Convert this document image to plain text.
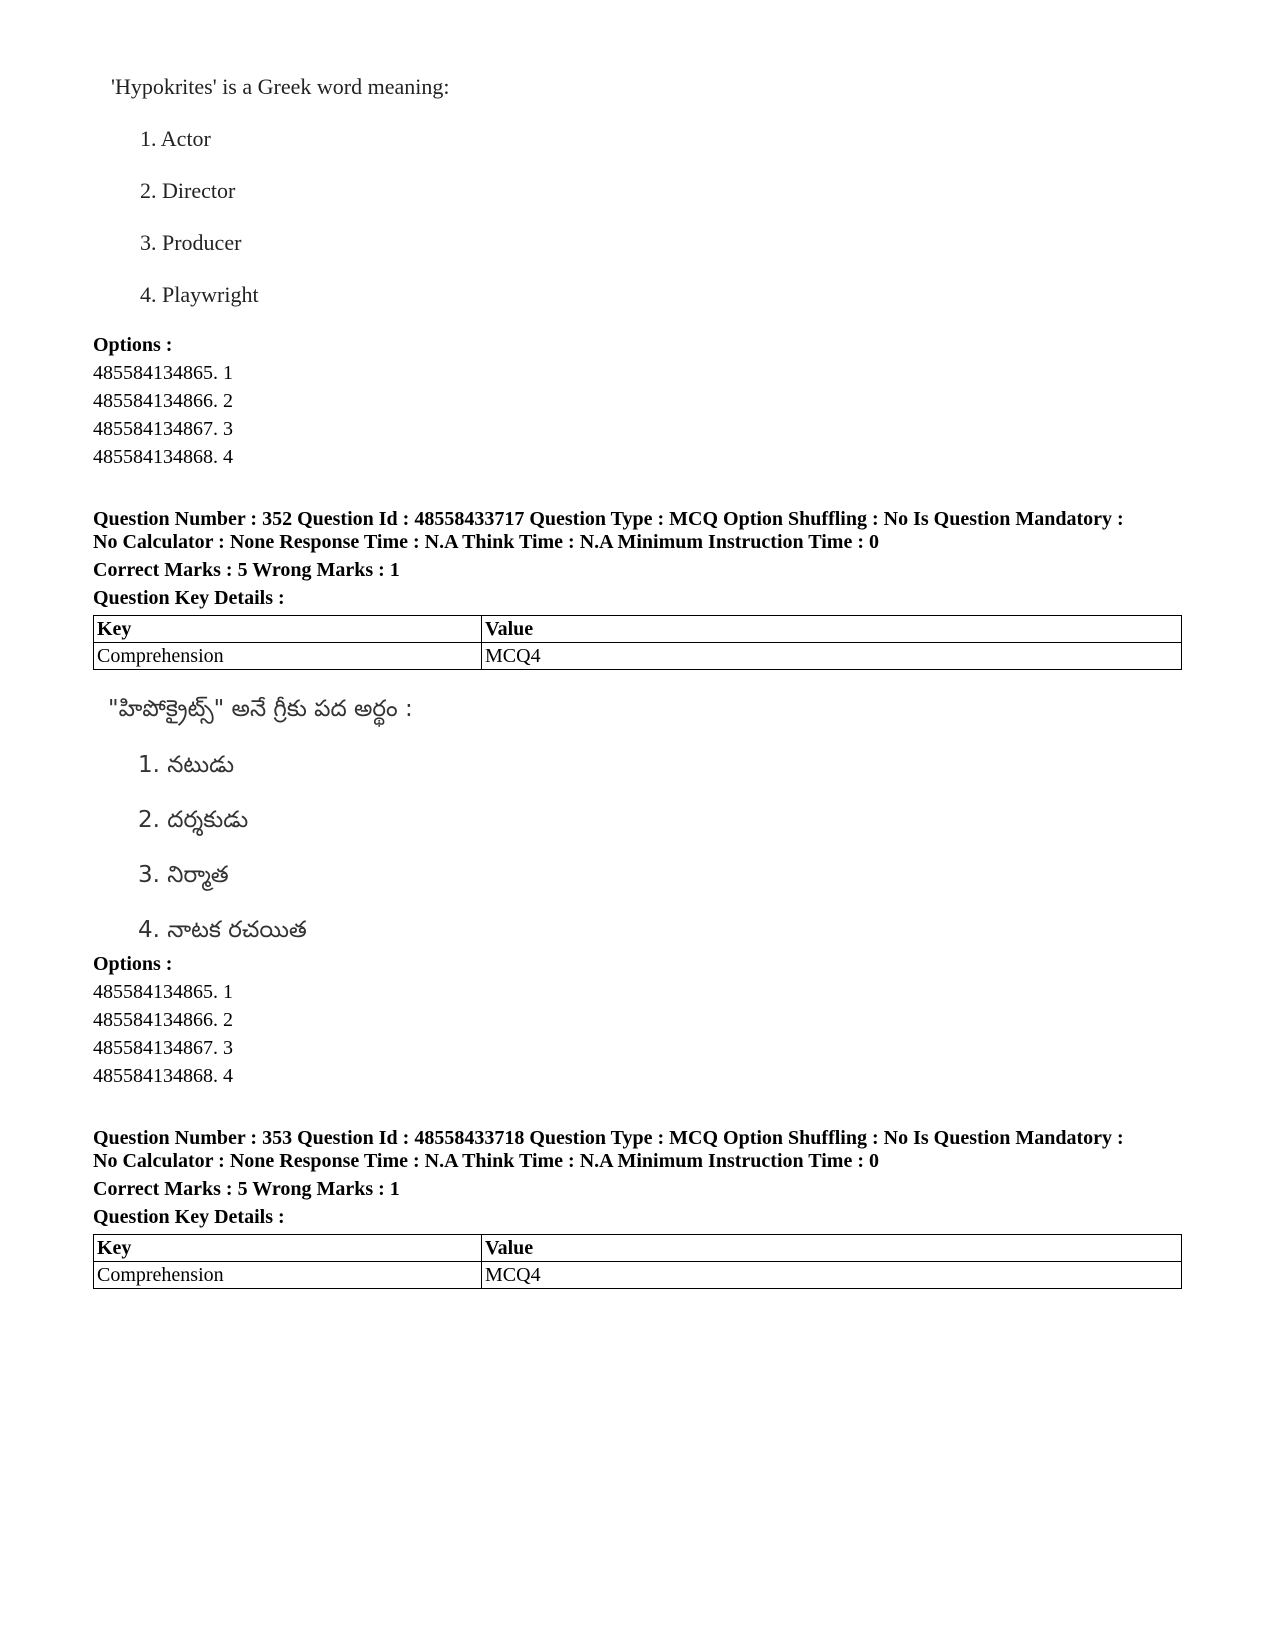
'Hypokrites' is a Greek word meaning:
1. Actor
2. Director
3. Producer
4. Playwright
Options :
485584134865. 1
485584134866. 2
485584134867. 3
485584134868. 4
Question Number : 352 Question Id : 48558433717 Question Type : MCQ Option Shuffling : No Is Question Mandatory :
No Calculator : None Response Time : N.A Think Time : N.A Minimum Instruction Time : 0
Correct Marks : 5 Wrong Marks : 1
Question Key Details :
Key	Value
Comprehension	MCQ4
"హిపోక్రైట్స్" అనే గ్రీకు పద అర్థం :
1. నటుడు
2. దర్శకుడు
3. నిర్మాత
4. నాటక రచయిత
Options :
485584134865. 1
485584134866. 2
485584134867. 3
485584134868. 4
Question Number : 353 Question Id : 48558433718 Question Type : MCQ Option Shuffling : No Is Question Mandatory :
No Calculator : None Response Time : N.A Think Time : N.A Minimum Instruction Time : 0
Correct Marks : 5 Wrong Marks : 1
Question Key Details :
Key	Value
Comprehension	MCQ4
